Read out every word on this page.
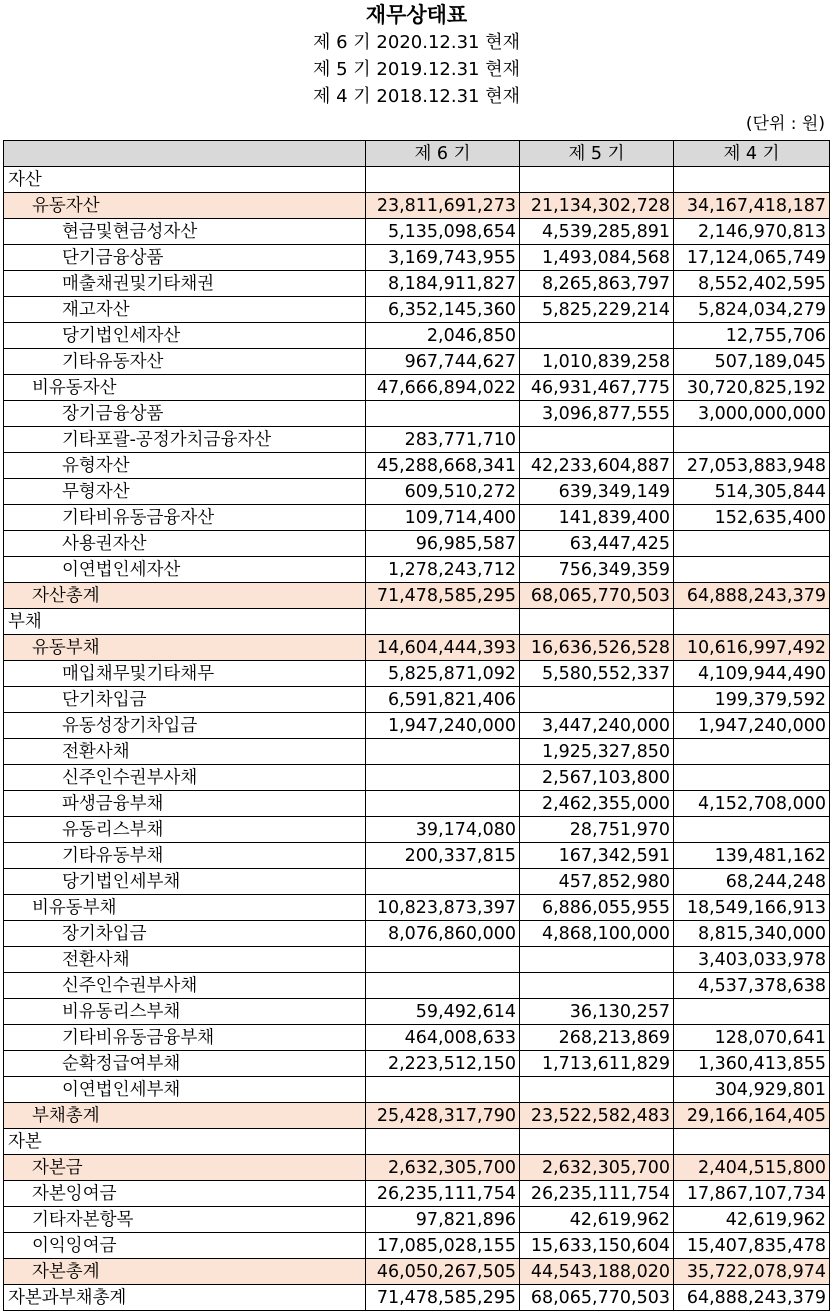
재무상태표
제 6 기 2020.12.31 현재
제 5 기 2019.12.31 현재
제 4 기 2018.12.31 현재
(단위 : 원)
	제 6 기	제 5 기	제 4 기
자산			
유동자산	23,811,691,273	21,134,302,728	34,167,418,187
현금및현금성자산	5,135,098,654	4,539,285,891	2,146,970,813
단기금융상품	3,169,743,955	1,493,084,568	17,124,065,749
매출채권및기타채권	8,184,911,827	8,265,863,797	8,552,402,595
재고자산	6,352,145,360	5,825,229,214	5,824,034,279
당기법인세자산	2,046,850		12,755,706
기타유동자산	967,744,627	1,010,839,258	507,189,045
비유동자산	47,666,894,022	46,931,467,775	30,720,825,192
장기금융상품		3,096,877,555	3,000,000,000
기타포괄-공정가치금융자산	283,771,710		
유형자산	45,288,668,341	42,233,604,887	27,053,883,948
무형자산	609,510,272	639,349,149	514,305,844
기타비유동금융자산	109,714,400	141,839,400	152,635,400
사용권자산	96,985,587	63,447,425	
이연법인세자산	1,278,243,712	756,349,359	
자산총계	71,478,585,295	68,065,770,503	64,888,243,379
부채			
유동부채	14,604,444,393	16,636,526,528	10,616,997,492
매입채무및기타채무	5,825,871,092	5,580,552,337	4,109,944,490
단기차입금	6,591,821,406		199,379,592
유동성장기차입금	1,947,240,000	3,447,240,000	1,947,240,000
전환사채		1,925,327,850	
신주인수권부사채		2,567,103,800	
파생금융부채		2,462,355,000	4,152,708,000
유동리스부채	39,174,080	28,751,970	
기타유동부채	200,337,815	167,342,591	139,481,162
당기법인세부채		457,852,980	68,244,248
비유동부채	10,823,873,397	6,886,055,955	18,549,166,913
장기차입금	8,076,860,000	4,868,100,000	8,815,340,000
전환사채			3,403,033,978
신주인수권부사채			4,537,378,638
비유동리스부채	59,492,614	36,130,257	
기타비유동금융부채	464,008,633	268,213,869	128,070,641
순확정급여부채	2,223,512,150	1,713,611,829	1,360,413,855
이연법인세부채			304,929,801
부채총계	25,428,317,790	23,522,582,483	29,166,164,405
자본			
자본금	2,632,305,700	2,632,305,700	2,404,515,800
자본잉여금	26,235,111,754	26,235,111,754	17,867,107,734
기타자본항목	97,821,896	42,619,962	42,619,962
이익잉여금	17,085,028,155	15,633,150,604	15,407,835,478
자본총계	46,050,267,505	44,543,188,020	35,722,078,974
자본과부채총계	71,478,585,295	68,065,770,503	64,888,243,379
